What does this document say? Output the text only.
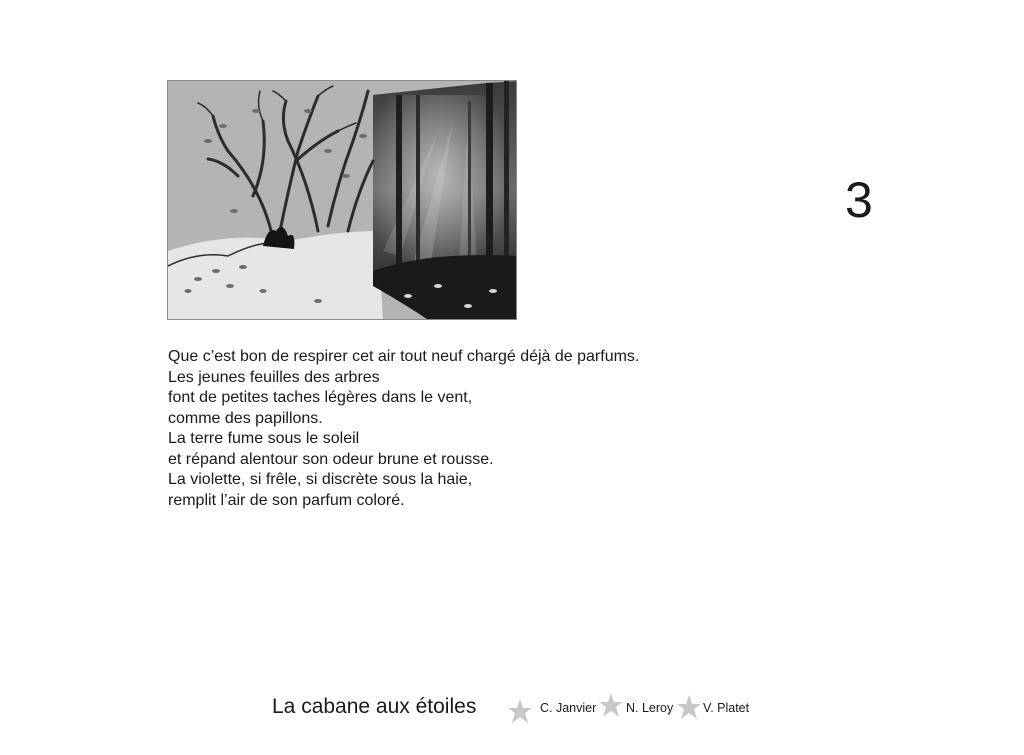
3
Que c’est bon de respirer cet air tout neuf chargé déjà de parfums.
Les jeunes feuilles des arbres
font de petites taches légères dans le vent,
comme des papillons.
La terre fume sous le soleil
et répand alentour son odeur brune et rousse.
La violette, si frêle, si discrète sous la haie,
remplit l’air de son parfum coloré.
La cabane aux étoiles	C. Janvier N. Leroy V. Platet
